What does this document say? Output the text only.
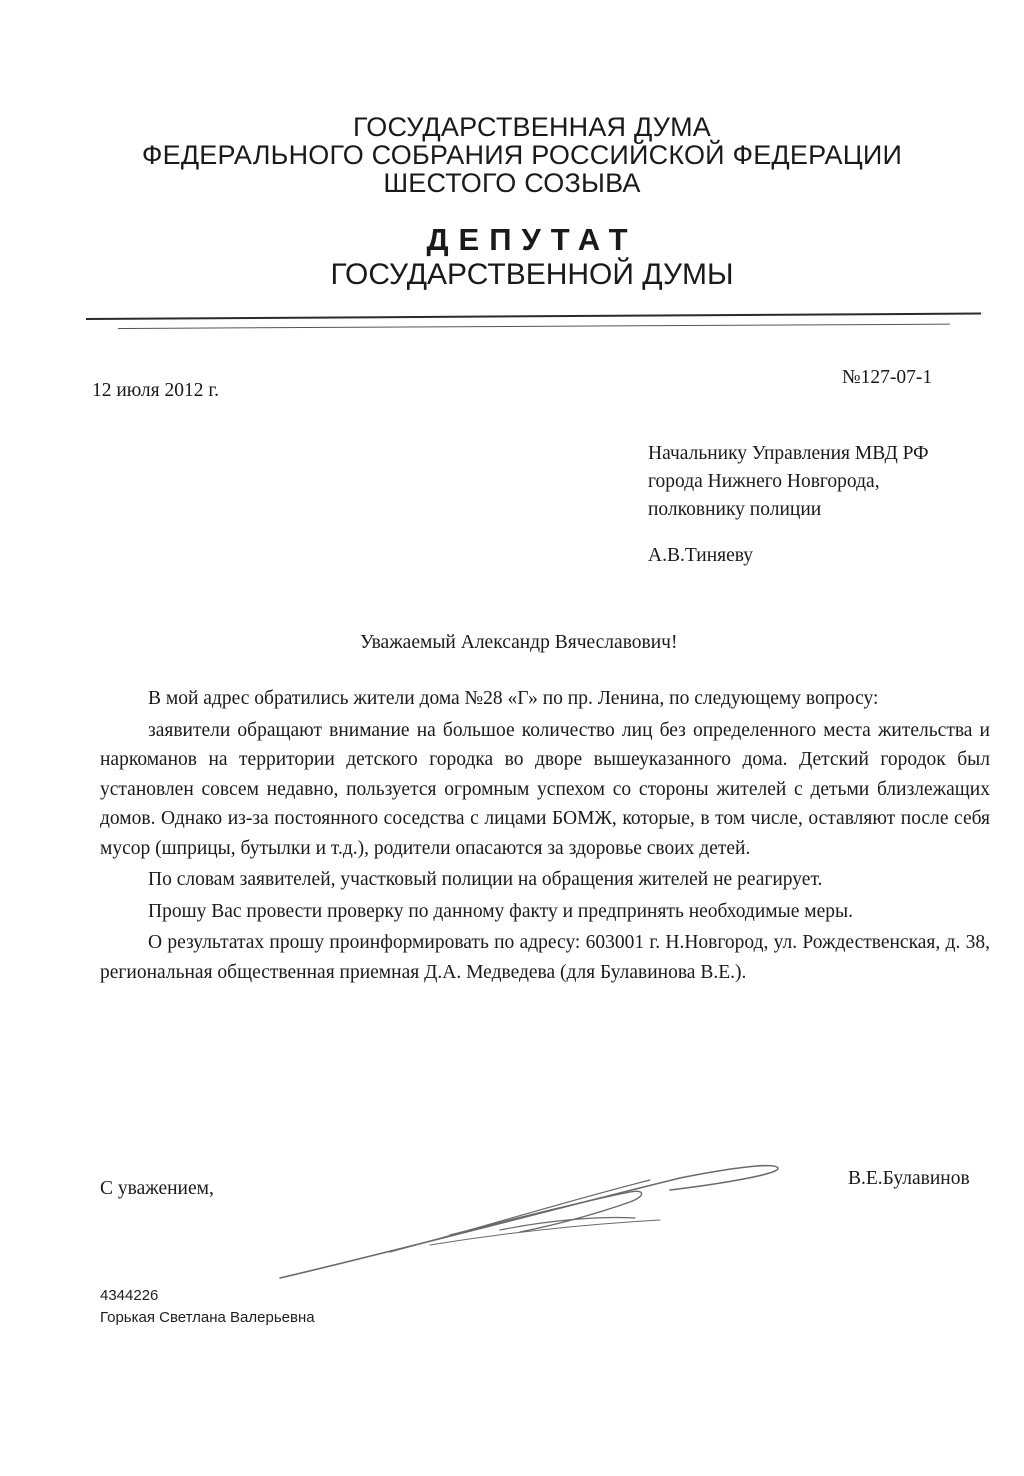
ГОСУДАРСТВЕННАЯ ДУМА
ФЕДЕРАЛЬНОГО СОБРАНИЯ РОССИЙСКОЙ ФЕДЕРАЦИИ
ШЕСТОГО СОЗЫВА
ДЕПУТАТ
ГОСУДАРСТВЕННОЙ ДУМЫ
12 июля 2012 г.
№127-07-1
Начальнику Управления МВД РФ
города Нижнего Новгорода,
полковнику полиции
А.В.Тиняеву
Уважаемый Александр Вячеславович!

В мой адрес обратились жители дома №28 «Г» по пр. Ленина, по следующему вопросу:

заявители обращают внимание на большое количество лиц без определенного места жительства и наркоманов на территории детского городка во дворе вышеуказанного дома. Детский городок был установлен совсем недавно, пользуется огромным успехом со стороны жителей с детьми близлежащих домов. Однако из-за постоянного соседства с лицами БОМЖ, которые, в том числе, оставляют после себя мусор (шприцы, бутылки и т.д.), родители опасаются за здоровье своих детей.

По словам заявителей, участковый полиции на обращения жителей не реагирует.

Прошу Вас провести проверку по данному факту и предпринять необходимые меры.

О результатах прошу проинформировать по адресу: 603001 г. Н.Новгород, ул. Рождественская, д. 38, региональная общественная приемная Д.А. Медведева (для Булавинова В.Е.).

С уважением,	В.Е.Булавинов
4344226
Горькая Светлана Валерьевна
